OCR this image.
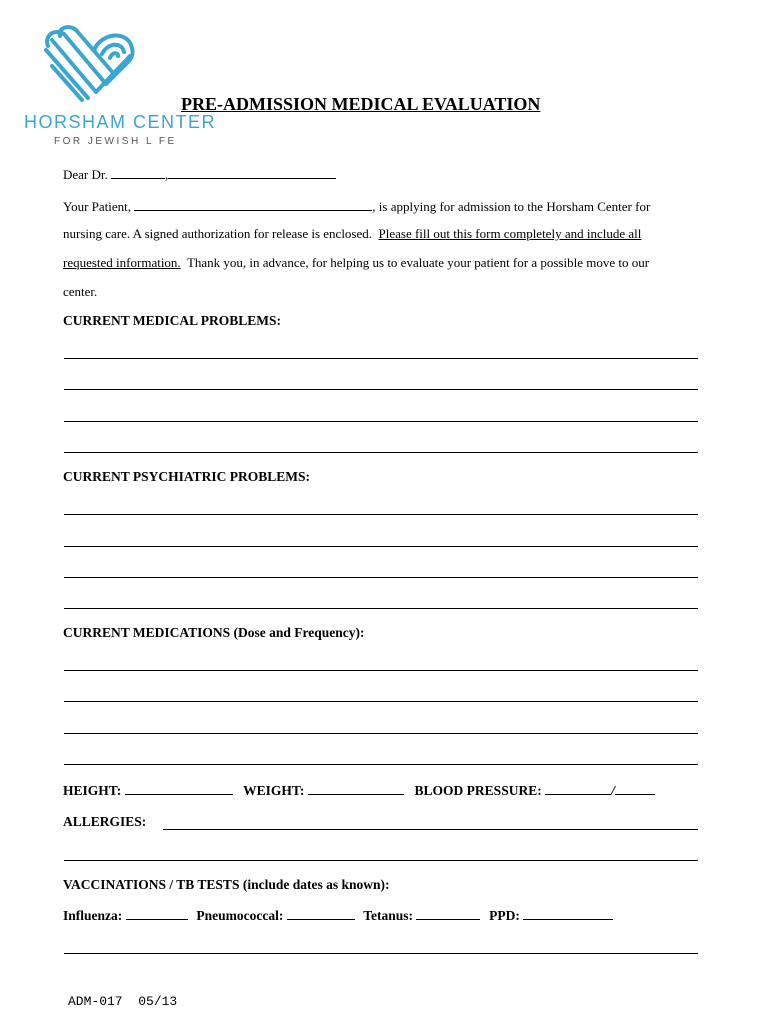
HORSHAM CENTER
FOR JEWISH L FE
PRE-ADMISSION MEDICAL EVALUATION
Dear Dr.	,
Your Patient,	, is applying for admission to the Horsham Center for
nursing care. A signed authorization for release is enclosed. Please fill out this form completely and include all
requested information. Thank you, in advance, for helping us to evaluate your patient for a possible move to our
center.
CURRENT MEDICAL PROBLEMS:
CURRENT PSYCHIATRIC PROBLEMS:
CURRENT MEDICATIONS (Dose and Frequency):
HEIGHT:	WEIGHT:	BLOOD PRESSURE:	/
ALLERGIES:
VACCINATIONS / TB TESTS (include dates as known):
Influenza:	Pneumococcal:	Tetanus:	PPD:
ADM-017  05/13
